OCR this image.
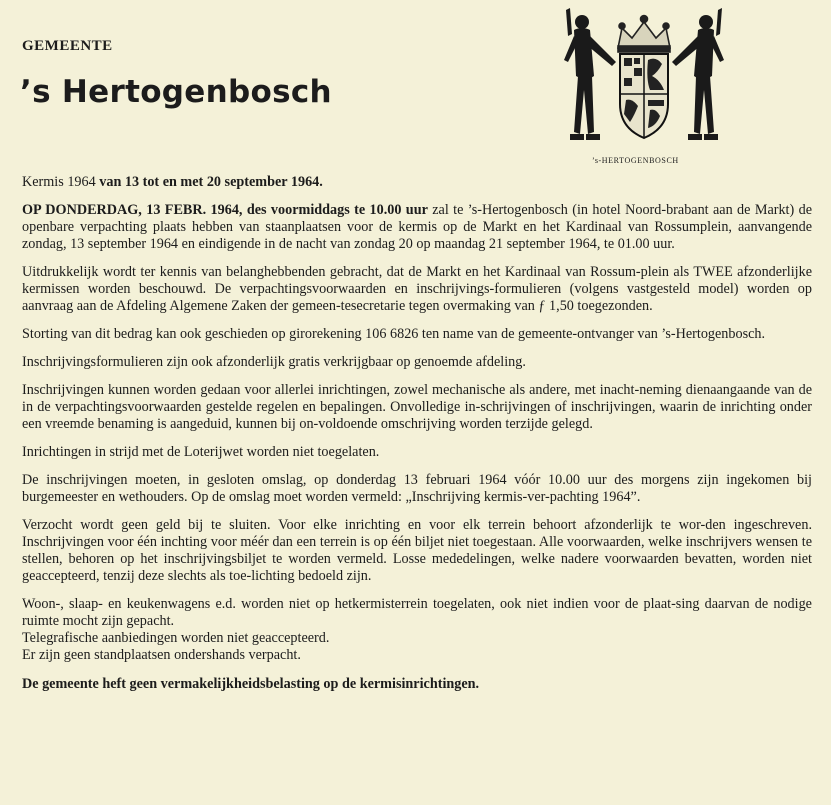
GEMEENTE
’s Hertogenbosch
’s-HERTOGENBOSCH

Kermis 1964 van 13 tot en met 20 september 1964.

OP DONDERDAG, 13 FEBR. 1964, des voormiddags te 10.00 uur zal te ’s-Hertogenbosch (in hotel Noord-brabant aan de Markt) de openbare verpachting plaats hebben van staanplaatsen voor de kermis op de Markt en het Kardinaal van Rossumplein, aanvangende zondag, 13 september 1964 en eindigende in de nacht van zondag 20 op maandag 21 september 1964, te 01.00 uur.

Uitdrukkelijk wordt ter kennis van belanghebbenden gebracht, dat de Markt en het Kardinaal van Rossum-plein als TWEE afzonderlijke kermissen worden beschouwd. De verpachtingsvoorwaarden en inschrijvings-formulieren (volgens vastgesteld model) worden op aanvraag aan de Afdeling Algemene Zaken der gemeen-tesecretarie tegen overmaking van ƒ 1,50 toegezonden.

Storting van dit bedrag kan ook geschieden op girorekening 106 6826 ten name van de gemeente-ontvanger van ’s-Hertogenbosch.

Inschrijvingsformulieren zijn ook afzonderlijk gratis verkrijgbaar op genoemde afdeling.

Inschrijvingen kunnen worden gedaan voor allerlei inrichtingen, zowel mechanische als andere, met inacht-neming dienaangaande van de in de verpachtingsvoorwaarden gestelde regelen en bepalingen. Onvolledige in-schrijvingen of inschrijvingen, waarin de inrichting onder een vreemde benaming is aangeduid, kunnen bij on-voldoende omschrijving worden terzijde gelegd.

Inrichtingen in strijd met de Loterijwet worden niet toegelaten.

De inschrijvingen moeten, in gesloten omslag, op donderdag 13 februari 1964 vóór 10.00 uur des morgens zijn ingekomen bij burgemeester en wethouders. Op de omslag moet worden vermeld: „Inschrijving kermis-ver-pachting 1964”.

Verzocht wordt geen geld bij te sluiten. Voor elke inrichting en voor elk terrein behoort afzonderlijk te wor-den ingeschreven. Inschrijvingen voor één inchting voor méér dan een terrein is op één biljet niet toegestaan. Alle voorwaarden, welke inschrijvers wensen te stellen, behoren op het inschrijvingsbiljet te worden vermeld. Losse mededelingen, welke nadere voorwaarden bevatten, worden niet geaccepteerd, tenzij deze slechts als toe-lichting bedoeld zijn.

Woon-, slaap- en keukenwagens e.d. worden niet op hetkermisterrein toegelaten, ook niet indien voor de plaat-sing daarvan de nodige ruimte mocht zijn gepacht.
Telegrafische aanbiedingen worden niet geaccepteerd.
Er zijn geen standplaatsen ondershands verpacht.

De gemeente heft geen vermakelijkheidsbelasting op de kermisinrichtingen.
